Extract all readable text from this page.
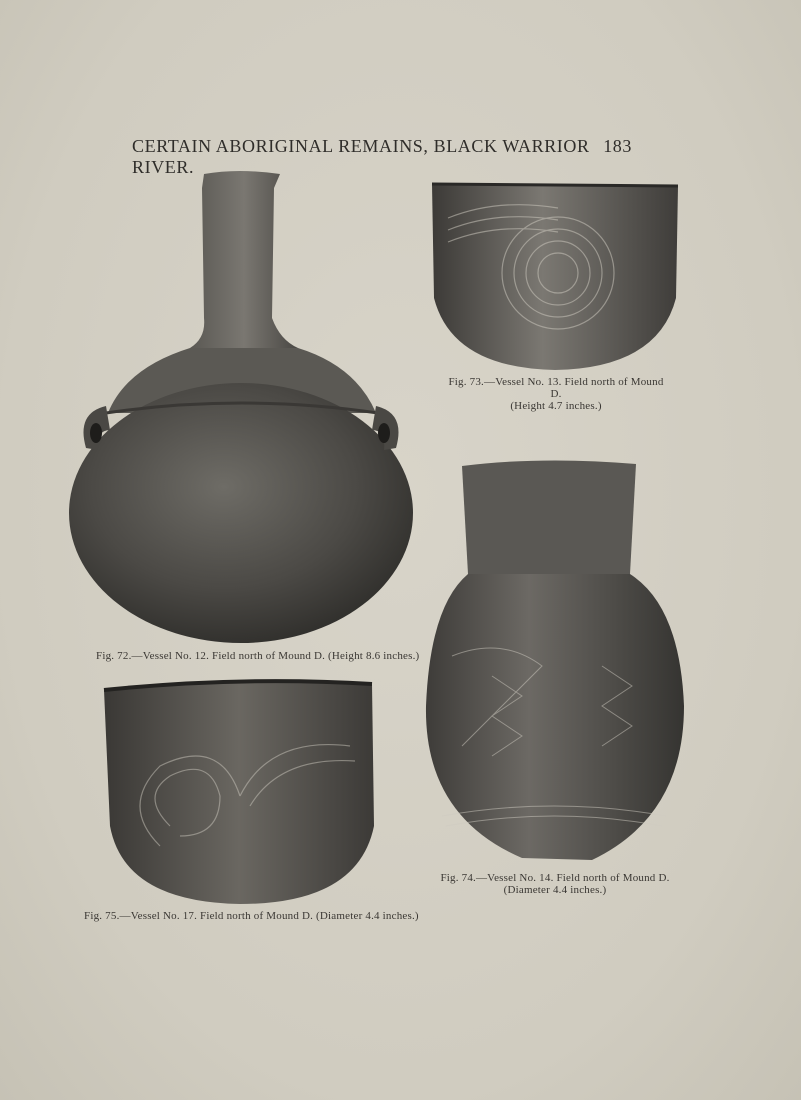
CERTAIN ABORIGINAL REMAINS, BLACK WARRIOR RIVER.
183
Fig. 72.—Vessel No. 12. Field north of Mound D. (Height 8.6 inches.)
Fig. 73.—Vessel No. 13. Field north of Mound D.
(Height 4.7 inches.)
Fig. 74.—Vessel No. 14. Field north of Mound D.
(Diameter 4.4 inches.)
Fig. 75.—Vessel No. 17. Field north of Mound D. (Diameter 4.4 inches.)
